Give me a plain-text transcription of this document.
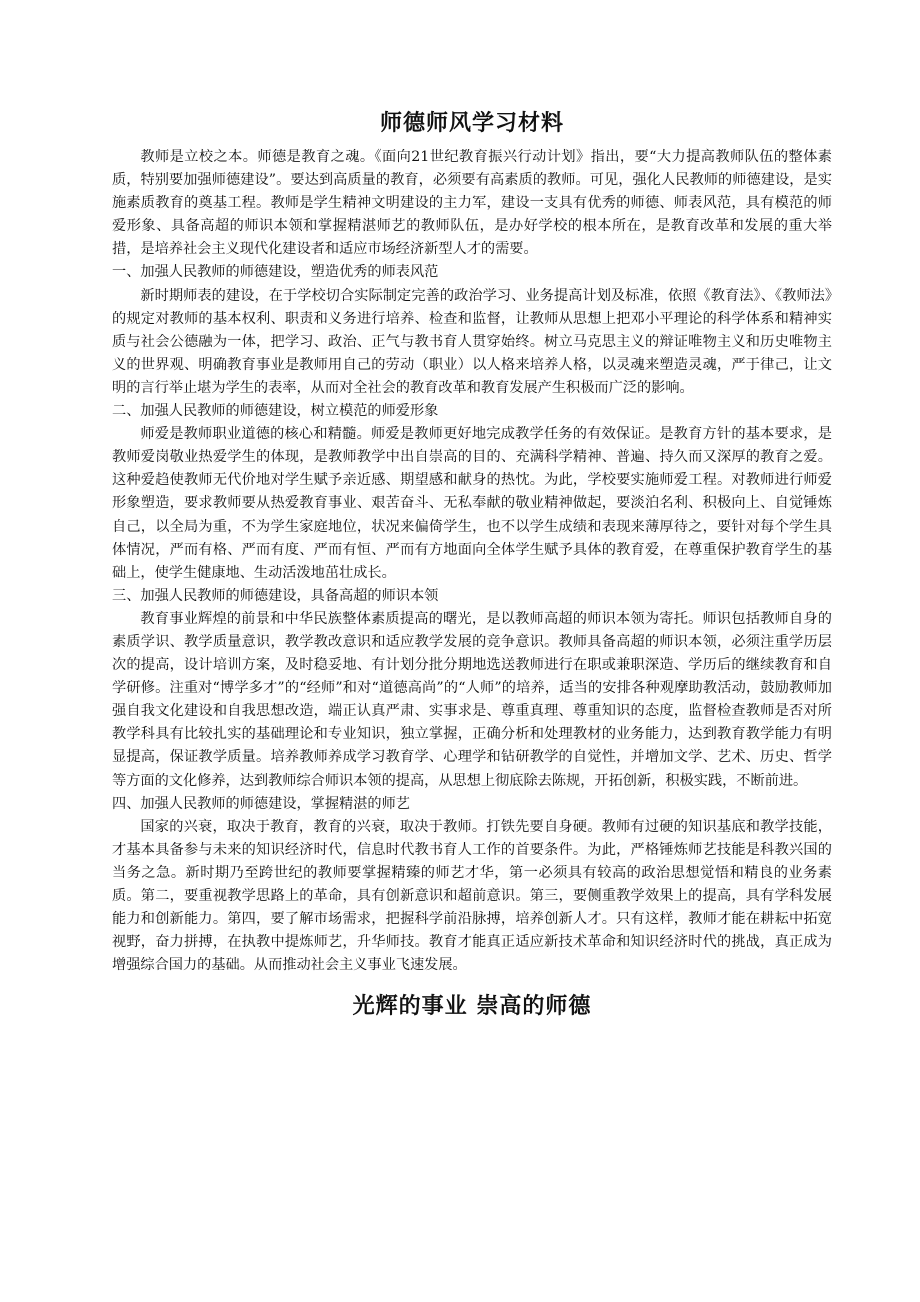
师德师风学习材料

教师是立校之本。师德是教育之魂。《面向21世纪教育振兴行动计划》指出，要“大力提高教师队伍的整体素质，特别要加强师德建设”。要达到高质量的教育，必须要有高素质的教师。可见，强化人民教师的师德建设，是实施素质教育的奠基工程。教师是学生精神文明建设的主力军，建设一支具有优秀的师德、师表风范，具有模范的师爱形象、具备高超的师识本领和掌握精湛师艺的教师队伍，是办好学校的根本所在，是教育改革和发展的重大举措，是培养社会主义现代化建设者和适应市场经济新型人才的需要。

一、加强人民教师的师德建设，塑造优秀的师表风范

新时期师表的建设，在于学校切合实际制定完善的政治学习、业务提高计划及标准，依照《教育法》、《教师法》的规定对教师的基本权利、职责和义务进行培养、检查和监督，让教师从思想上把邓小平理论的科学体系和精神实质与社会公德融为一体，把学习、政治、正气与教书育人贯穿始终。树立马克思主义的辩证唯物主义和历史唯物主义的世界观、明确教育事业是教师用自己的劳动（职业）以人格来培养人格，以灵魂来塑造灵魂，严于律己，让文明的言行举止堪为学生的表率，从而对全社会的教育改革和教育发展产生积极而广泛的影响。

二、加强人民教师的师德建设，树立模范的师爱形象

师爱是教师职业道德的核心和精髓。师爱是教师更好地完成教学任务的有效保证。是教育方针的基本要求，是教师爱岗敬业热爱学生的体现，是教师教学中出自崇高的目的、充满科学精神、普遍、持久而又深厚的教育之爱。这种爱趋使教师无代价地对学生赋予亲近感、期望感和献身的热忱。为此，学校要实施师爱工程。对教师进行师爱形象塑造，要求教师要从热爱教育事业、艰苦奋斗、无私奉献的敬业精神做起，要淡泊名利、积极向上、自觉锤炼自己，以全局为重，不为学生家庭地位，状况来偏倚学生，也不以学生成绩和表现来薄厚待之，要针对每个学生具体情况，严而有格、严而有度、严而有恒、严而有方地面向全体学生赋予具体的教育爱，在尊重保护教育学生的基础上，使学生健康地、生动活泼地茁壮成长。

三、加强人民教师的师德建设，具备高超的师识本领

教育事业辉煌的前景和中华民族整体素质提高的曙光，是以教师高超的师识本领为寄托。师识包括教师自身的素质学识、教学质量意识，教学教改意识和适应教学发展的竞争意识。教师具备高超的师识本领，必须注重学历层次的提高，设计培训方案，及时稳妥地、有计划分批分期地选送教师进行在职或兼职深造、学历后的继续教育和自学研修。注重对“博学多才”的“经师”和对“道德高尚”的“人师”的培养，适当的安排各种观摩助教活动，鼓励教师加强自我文化建设和自我思想改造，端正认真严肃、实事求是、尊重真理、尊重知识的态度，监督检查教师是否对所教学科具有比较扎实的基础理论和专业知识，独立掌握，正确分析和处理教材的业务能力，达到教育教学能力有明显提高，保证教学质量。培养教师养成学习教育学、心理学和钻研教学的自觉性，并增加文学、艺术、历史、哲学等方面的文化修养，达到教师综合师识本领的提高，从思想上彻底除去陈规，开拓创新，积极实践，不断前进。

四、加强人民教师的师德建设，掌握精湛的师艺

国家的兴衰，取决于教育，教育的兴衰，取决于教师。打铁先要自身硬。教师有过硬的知识基底和教学技能，才基本具备参与未来的知识经济时代，信息时代教书育人工作的首要条件。为此，严格锤炼师艺技能是科教兴国的当务之急。新时期乃至跨世纪的教师要掌握精臻的师艺才华，第一必须具有较高的政治思想觉悟和精良的业务素质。第二，要重视教学思路上的革命，具有创新意识和超前意识。第三，要侧重教学效果上的提高，具有学科发展能力和创新能力。第四，要了解市场需求，把握科学前沿脉搏，培养创新人才。只有这样，教师才能在耕耘中拓宽视野，奋力拼搏，在执教中提炼师艺，升华师技。教育才能真正适应新技术革命和知识经济时代的挑战，真正成为增强综合国力的基础。从而推动社会主义事业飞速发展。

光辉的事业 崇高的师德
